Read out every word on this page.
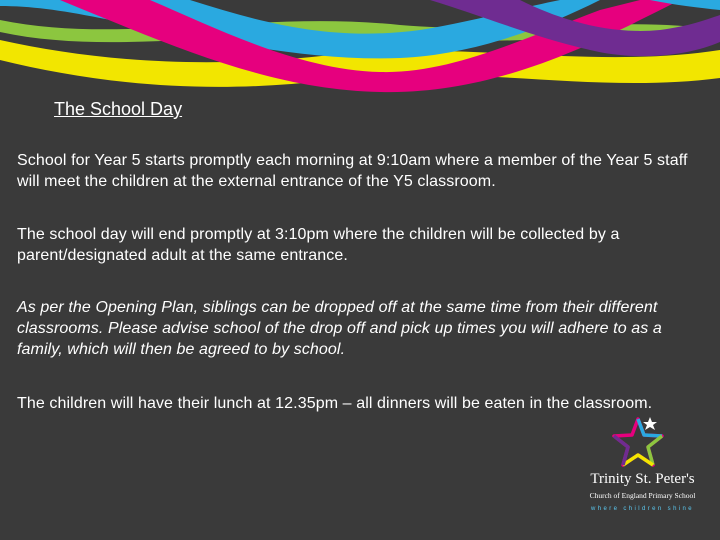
The School Day

School for Year 5 starts promptly each morning at 9:10am where a member of the Year 5 staff will meet the children at the external entrance of the Y5 classroom.

The school day will end promptly at 3:10pm where the children will be collected by a parent/designated adult at the same entrance.

As per the Opening Plan, siblings can be dropped off at the same time from their different classrooms. Please advise school of the drop off and pick up times you will adhere to as a family, which will then be agreed to by school.

The children will have their lunch at 12.35pm – all dinners will be eaten in the classroom.

Trinity St. Peter's
Church of England Primary School
where children shine
